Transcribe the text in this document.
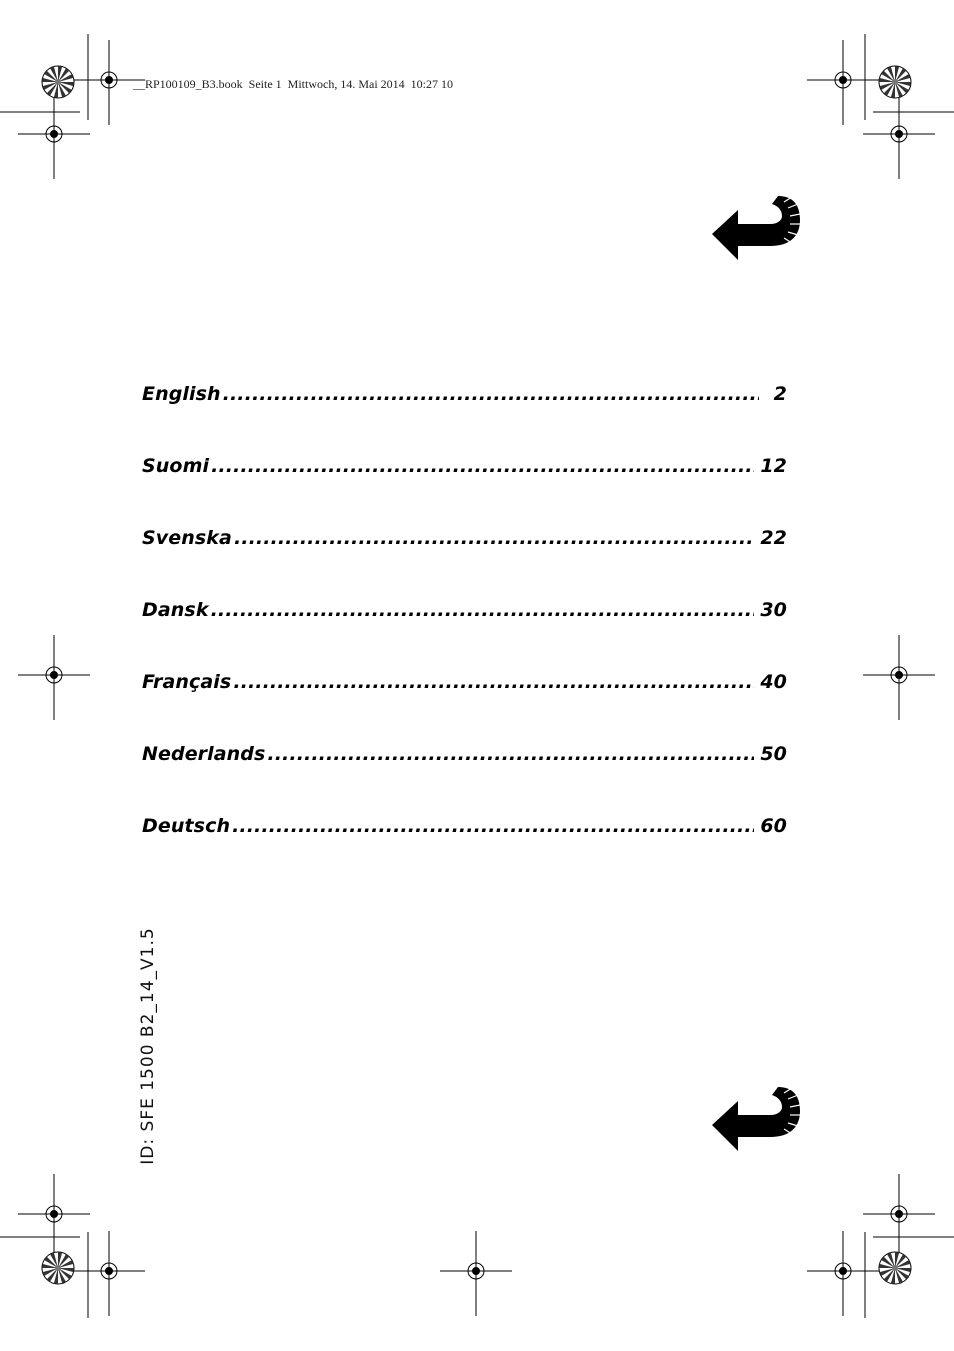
__RP100109_B3.book  Seite 1  Mittwoch, 14. Mai 2014  10:27 10
English .....	2
Suomi .....	12
Svenska .....	22
Dansk .....	30
Français .....	40
Nederlands .....	50
Deutsch .....	60
ID: SFE 1500 B2_14_V1.5
